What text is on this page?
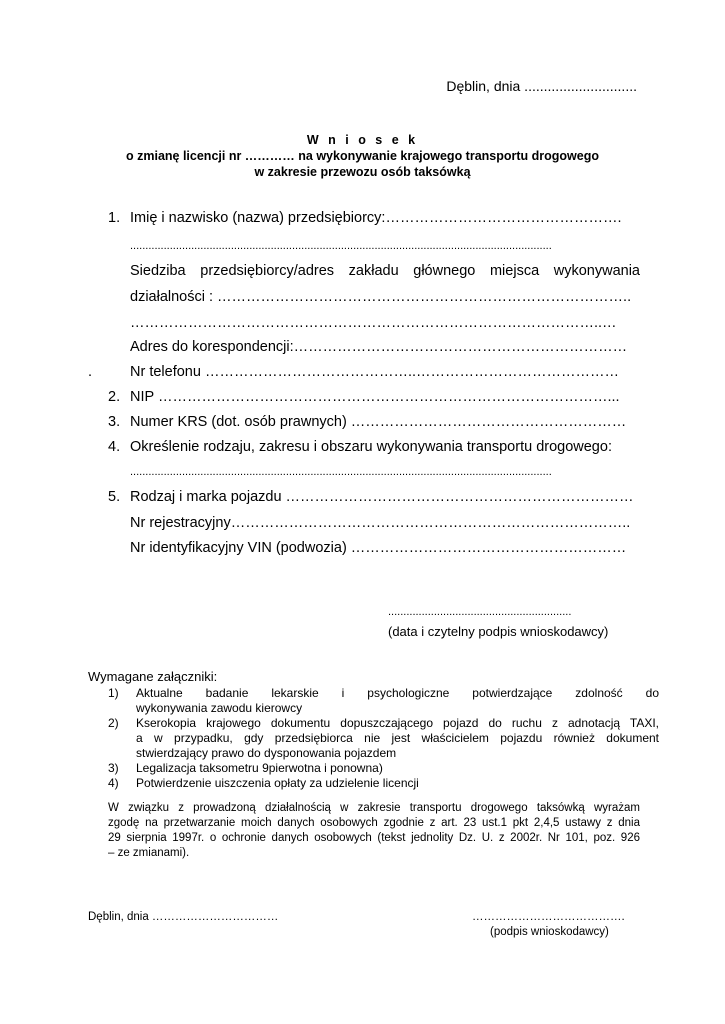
Dęblin, dnia .............................
W n i o s e k
o zmianę licencji nr ………… na wykonywanie krajowego transportu drogowego
w zakresie przewozu osób taksówką
1. Imię i nazwisko (nazwa) przedsiębiorcy:………………………………………….
..........................................................................................................................................
Siedziba przedsiębiorcy/adres zakładu głównego miejsca wykonywania
działalności : …………………………………………………………………………..
……………………………………………………………………………………..…
Adres do korespondencji:……………………………………………………………
.	Nr telefonu ……………………………………..……………………………………
2. NIP …………………………………………………………………………………...
3. Numer KRS (dot. osób prawnych) …………………………………………………
4. Określenie rodzaju, zakresu i obszaru wykonywania transportu drogowego:
..........................................................................................................................................
5. Rodzaj i marka pojazdu ………………………………………………………………
Nr rejestracyjny………………………………………………………………………..
Nr identyfikacyjny VIN (podwozia) …………………………………………………
............................................................
(data i czytelny podpis wnioskodawcy)
Wymagane załączniki:
1) Aktualne badanie lekarskie i psychologiczne potwierdzające zdolność do
wykonywania zawodu kierowcy
2) Kserokopia krajowego dokumentu dopuszczającego pojazd do ruchu z adnotacją TAXI,
a w przypadku, gdy przedsiębiorca nie jest właścicielem pojazdu również dokument
stwierdzający prawo do dysponowania pojazdem
3) Legalizacja taksometru 9pierwotna i ponowna)
4) Potwierdzenie uiszczenia opłaty za udzielenie licencji
W związku z prowadzoną działalnością w zakresie transportu drogowego taksówką wyrażam
zgodę na przetwarzanie moich danych osobowych zgodnie z art. 23 ust.1 pkt 2,4,5 ustawy z dnia
29 sierpnia 1997r. o ochronie danych osobowych (tekst jednolity Dz. U. z 2002r. Nr 101, poz. 926
– ze zmianami).
Dęblin, dnia ……………………………	………………………………….
(podpis wnioskodawcy)
